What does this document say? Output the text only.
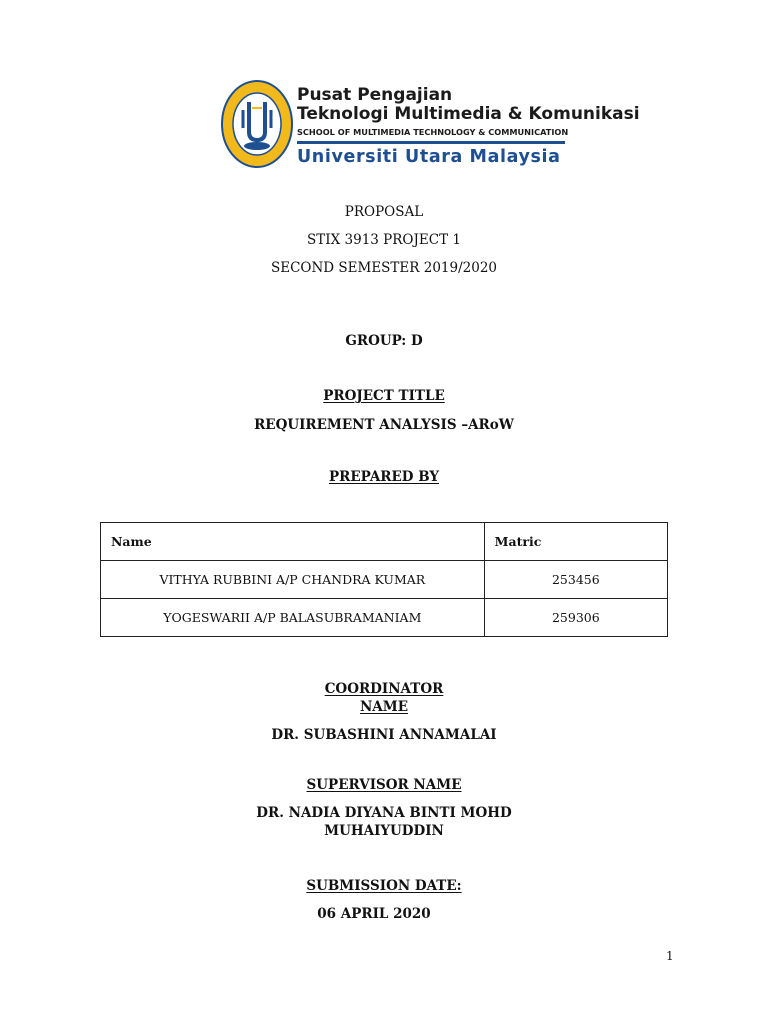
Pusat Pengajian
Teknologi Multimedia & Komunikasi
SCHOOL OF MULTIMEDIA TECHNOLOGY & COMMUNICATION
Universiti Utara Malaysia
PROPOSAL
STIX 3913 PROJECT 1
SECOND SEMESTER 2019/2020
GROUP: D
PROJECT TITLE
REQUIREMENT ANALYSIS –ARoW
PREPARED BY
Name	Matric
VITHYA RUBBINI A/P CHANDRA KUMAR	253456
YOGESWARII A/P BALASUBRAMANIAM	259306
COORDINATOR
NAME
DR. SUBASHINI ANNAMALAI
SUPERVISOR NAME
DR. NADIA DIYANA BINTI MOHD
MUHAIYUDDIN
SUBMISSION DATE:
06 APRIL 2020
1
